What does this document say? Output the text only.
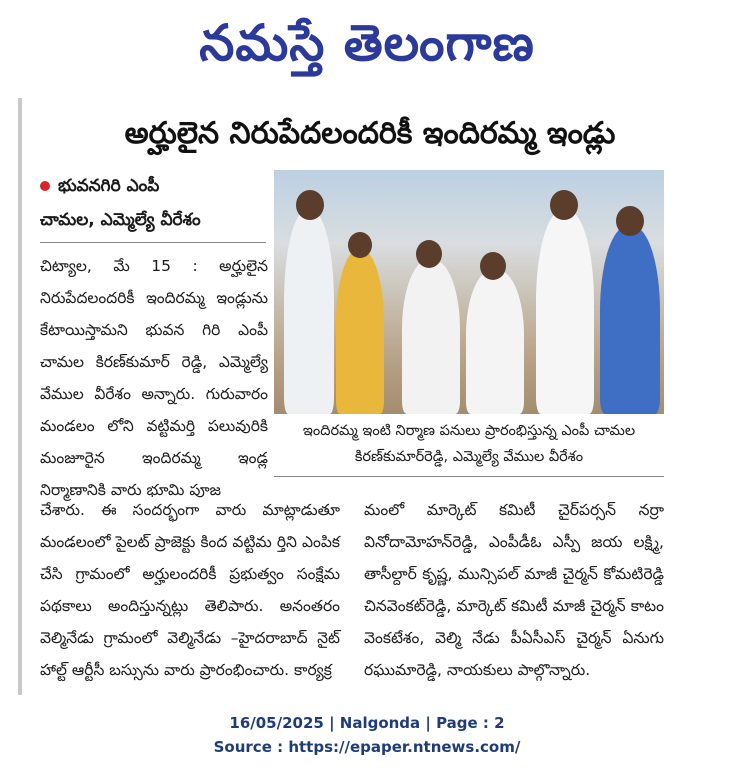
నమస్తే తెలంగాణ
అర్హులైన నిరుపేదలందరికీ ఇందిరమ్మ ఇండ్లు
భువనగిరి ఎంపీ
చామల, ఎమ్మెల్యే వీరేశం
చిట్యాల, మే 15 : అర్హులైన నిరుపేదలందరికీ ఇందిరమ్మ ఇండ్లును కేటాయిస్తామని భువన గిరి ఎంపీ చామల కిరణ్‌కుమార్ రెడ్డి, ఎమ్మెల్యే వేముల వీరేశం అన్నారు. గురువారం మండలం లోని వట్టిమర్తి పలువురికి మంజూరైన ఇందిరమ్మ ఇండ్ల నిర్మాణానికి వారు భూమి పూజ
ఇందిరమ్మ ఇంటి నిర్మాణ పనులు ప్రారంభిస్తున్న ఎంపీ చామల కిరణ్‌కుమార్‌రెడ్డి, ఎమ్మెల్యే వేముల వీరేశం
చేశారు. ఈ సందర్భంగా వారు మాట్లాడుతూ మండలంలో పైలట్ ప్రాజెక్టు కింద వట్టిమ ర్తిని ఎంపిక చేసి గ్రామంలో అర్హులందరికీ ప్రభుత్వం సంక్షేమ పథకాలు అందిస్తున్నట్లు తెలిపారు. అనంతరం వెల్మినేడు గ్రామంలో వెల్మినేడు –హైదరాబాద్ నైట్ హాల్ట్ ఆర్టీసీ బస్సును వారు ప్రారంభించారు. కార్యక్ర
మంలో మార్కెట్ కమిటీ చైర్‌పర్సన్ నర్రా వినోదామోహన్‌రెడ్డి, ఎంపీడీఓ ఎస్పీ జయ లక్ష్మి, తాసీల్దార్ కృష్ణ, మున్సిపల్ మాజీ చైర్మన్ కోమటిరెడ్డి చినవెంకట్‌రెడ్డి, మార్కెట్ కమిటీ మాజీ చైర్మన్ కాటం వెంకటేశం, వెల్మి నేడు పీఏసీఎస్ చైర్మన్ ఏనుగు రఘుమారెడ్డి, నాయకులు పాల్గొన్నారు.
16/05/2025 | Nalgonda | Page : 2
Source : https://epaper.ntnews.com/
